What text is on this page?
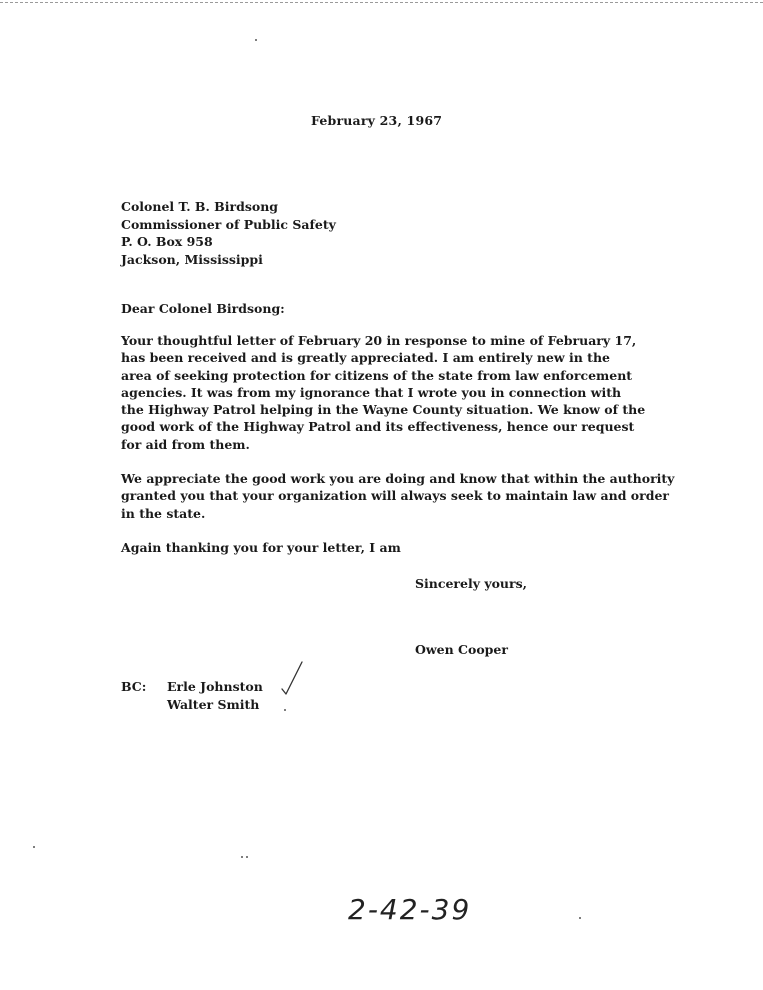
February 23, 1967
Colonel T. B. Birdsong
Commissioner of Public Safety
P. O. Box 958
Jackson, Mississippi
Dear Colonel Birdsong:
Your thoughtful letter of February 20 in response to mine of February 17,
has been received and is greatly appreciated. I am entirely new in the
area of seeking protection for citizens of the state from law enforcement
agencies. It was from my ignorance that I wrote you in connection with
the Highway Patrol helping in the Wayne County situation. We know of the
good work of the Highway Patrol and its effectiveness, hence our request
for aid from them.
We appreciate the good work you are doing and know that within the authority
granted you that your organization will always seek to maintain law and order
in the state.
Again thanking you for your letter, I am
Sincerely yours,
Owen Cooper
BC: Erle Johnston
Walter Smith
2-42-39
